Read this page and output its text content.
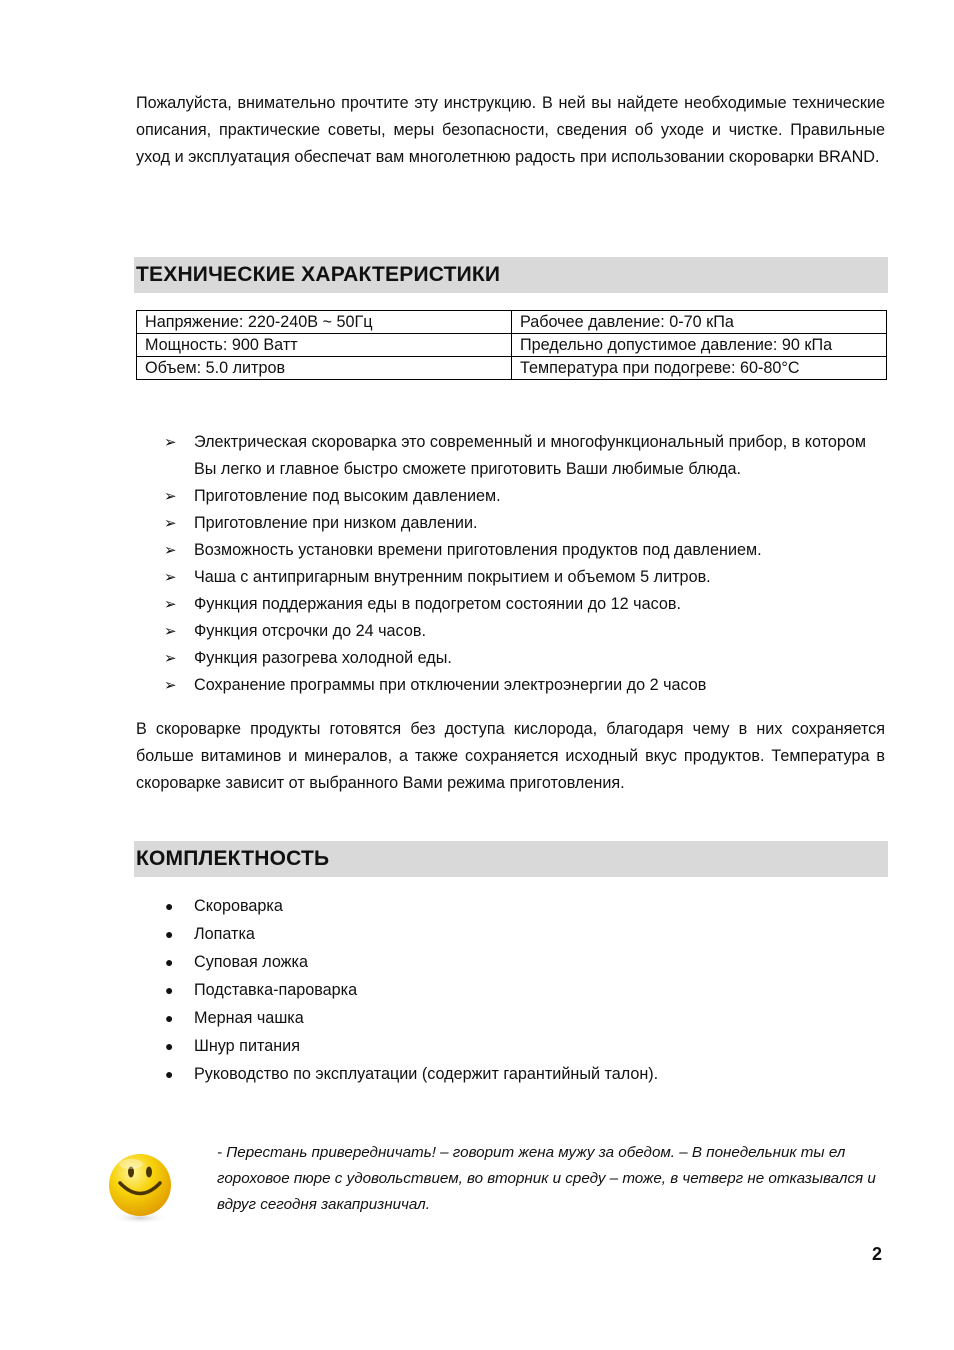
Пожалуйста, внимательно прочтите эту инструкцию. В ней вы найдете необходимые технические описания, практические советы, меры безопасности, сведения об уходе и чистке. Правильные уход и эксплуатация обеспечат вам многолетнюю радость при использовании скороварки BRAND.

ТЕХНИЧЕСКИЕ ХАРАКТЕРИСТИКИ
Напряжение: 220-240В ~ 50Гц	Рабочее давление: 0-70 кПа
Мощность: 900 Ватт	Предельно допустимое давление: 90 кПа
Объем: 5.0 литров	Температура при подогреве: 60-80°C
➢ Электрическая скороварка это современный и многофункциональный прибор, в котором Вы легко и главное быстро сможете приготовить Ваши любимые блюда.
➢ Приготовление под высоким давлением.
➢ Приготовление при низком давлении.
➢ Возможность установки времени приготовления продуктов под давлением.
➢ Чаша с антипригарным внутренним покрытием и объемом 5 литров.
➢ Функция поддержания еды в подогретом состоянии до 12 часов.
➢ Функция отсрочки до 24 часов.
➢ Функция разогрева холодной еды.
➢ Сохранение программы при отключении электроэнергии до 2 часов

В скороварке продукты готовятся без доступа кислорода, благодаря чему в них сохраняется больше витаминов и минералов, а также сохраняется исходный вкус продуктов. Температура в скороварке зависит от выбранного Вами режима приготовления.

КОМПЛЕКТНОСТЬ
● Скороварка
● Лопатка
● Суповая ложка
● Подставка-пароварка
● Мерная чашка
● Шнур питания
● Руководство по эксплуатации (содержит гарантийный талон).

- Перестань привередничать! – говорит жена мужу за обедом. – В понедельник ты ел гороховое пюре с удовольствием, во вторник и среду – тоже, в четверг не отказывался и вдруг сегодня закапризничал.

2
